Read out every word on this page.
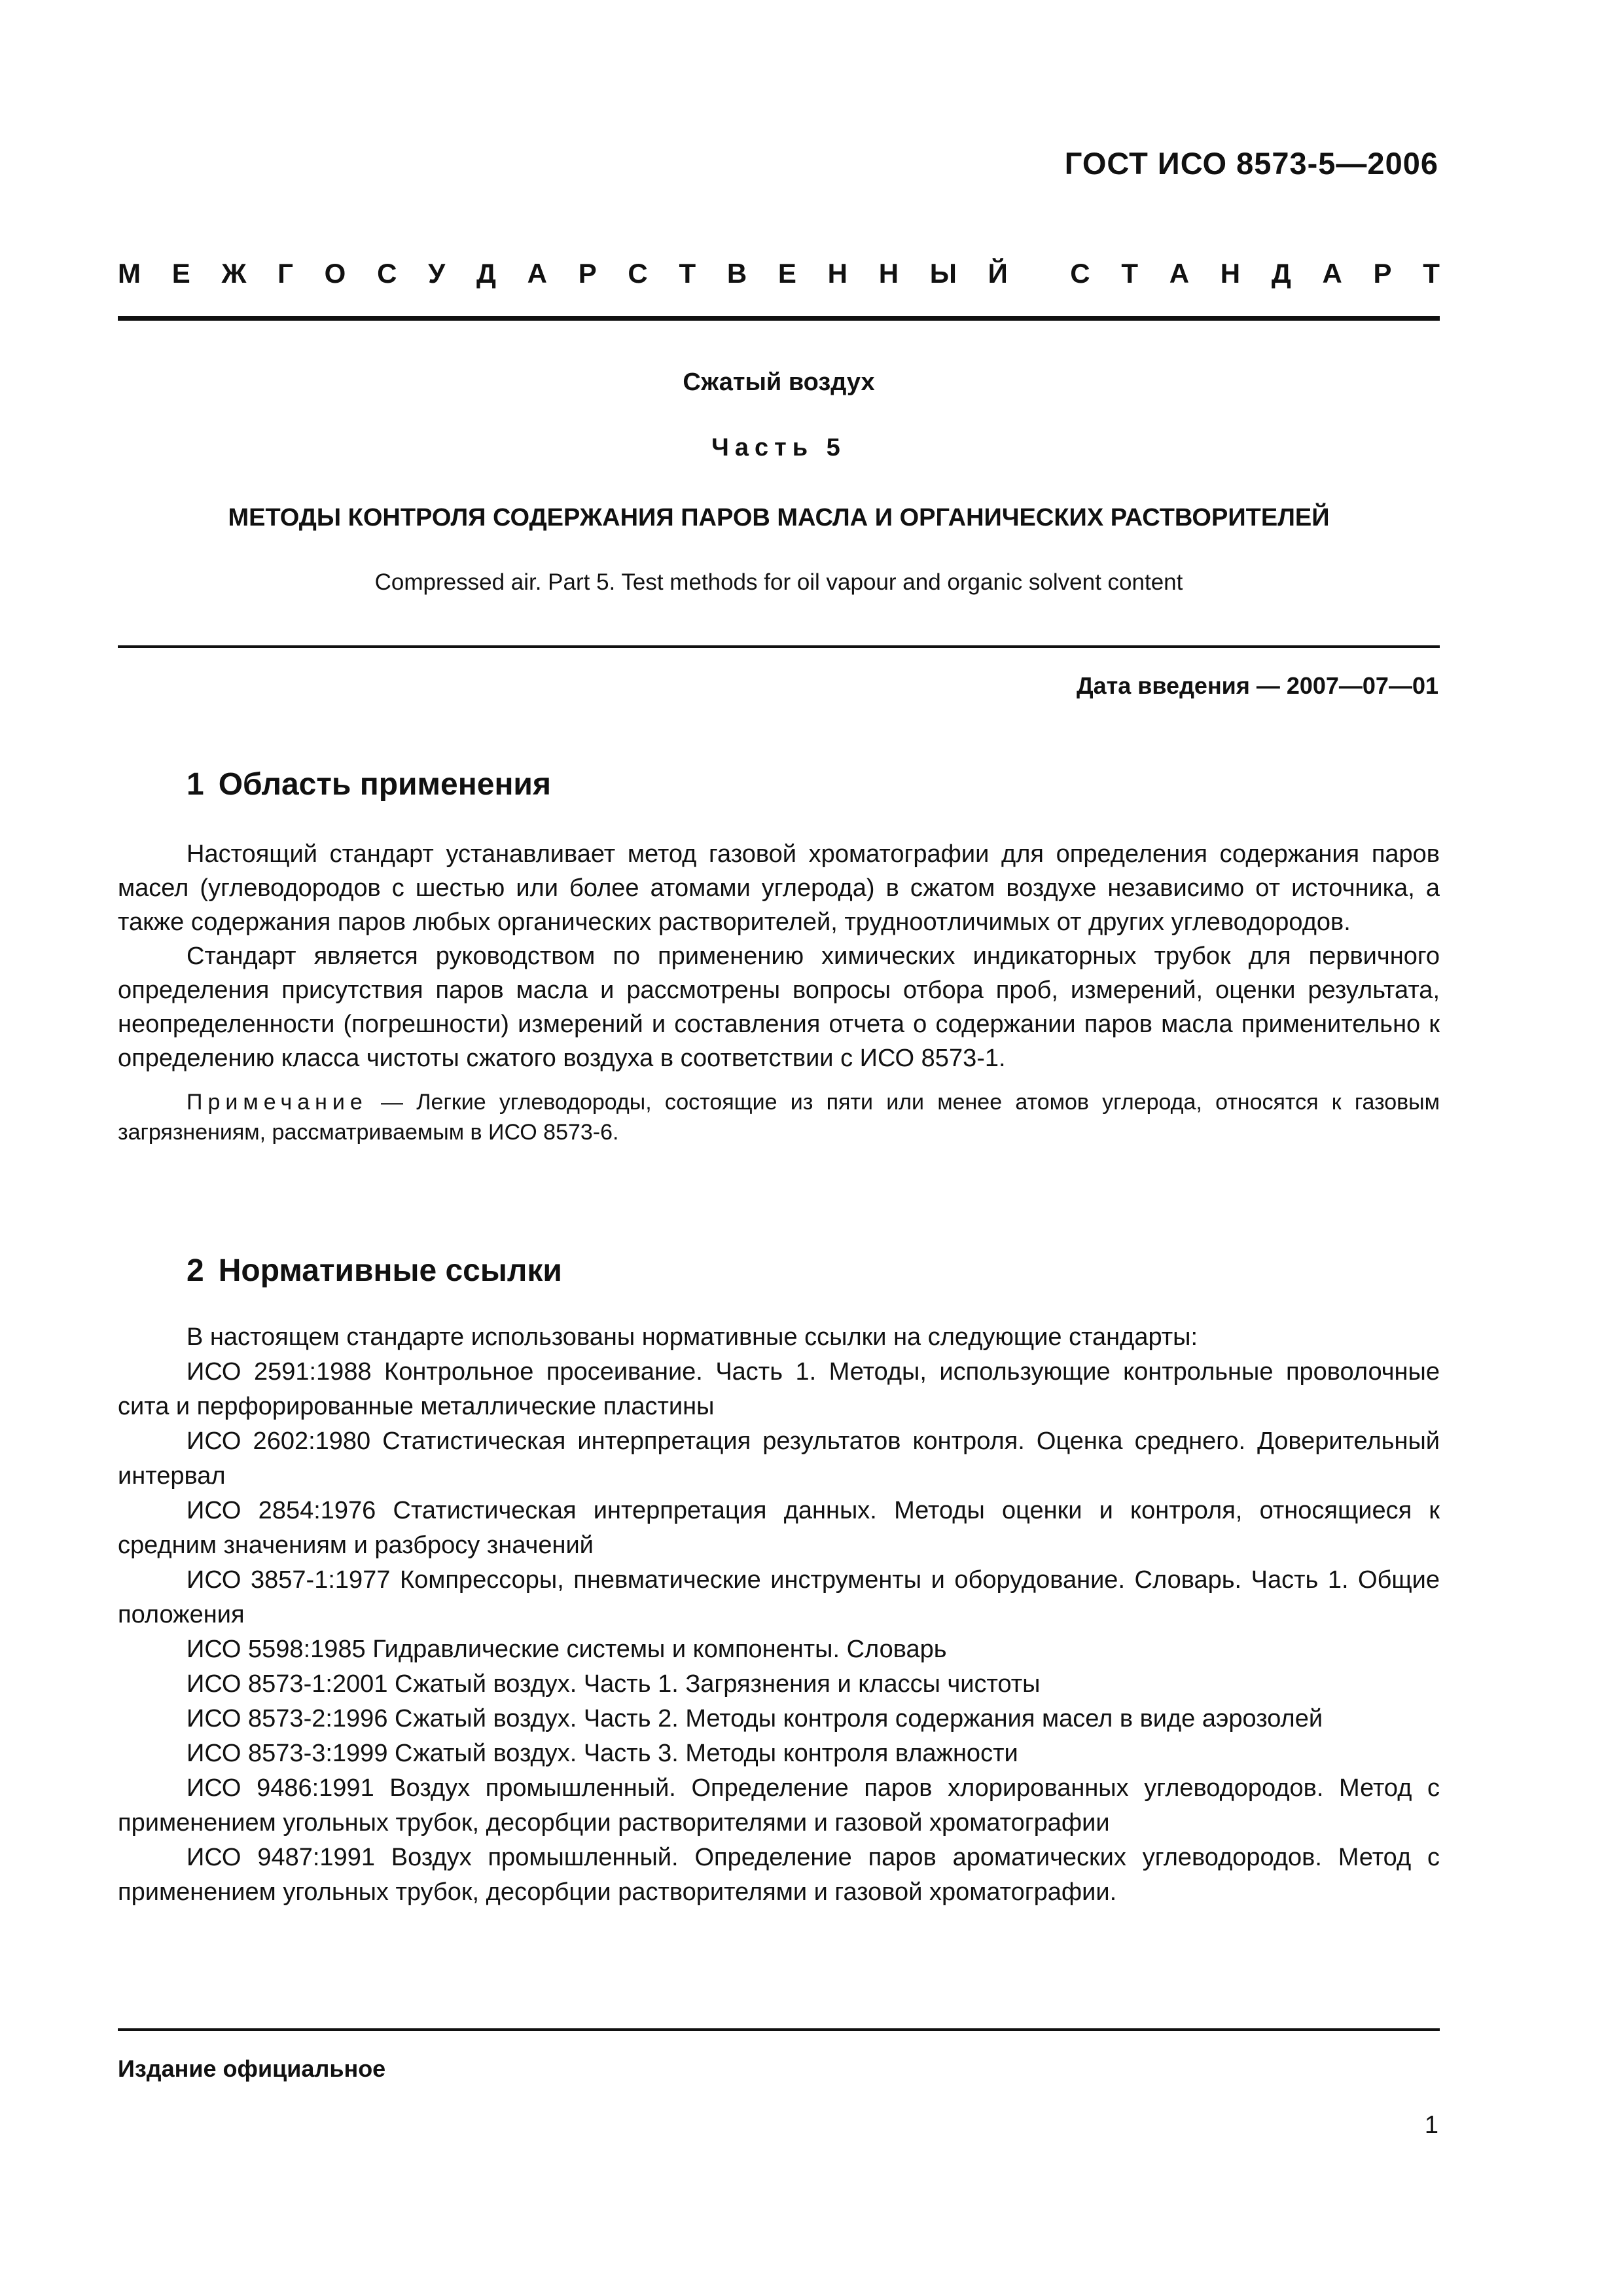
ГОСТ ИСО 8573-5—2006
М Е Ж Г О С У Д А Р С Т В Е Н Н Ы Й С Т А Н Д А Р Т
Сжатый воздух
Часть 5
МЕТОДЫ КОНТРОЛЯ СОДЕРЖАНИЯ ПАРОВ МАСЛА И ОРГАНИЧЕСКИХ РАСТВОРИТЕЛЕЙ
Compressed air. Part 5. Test methods for oil vapour and organic solvent content
Дата введения — 2007—07—01
1 Область применения

Настоящий стандарт устанавливает метод газовой хроматографии для определения содержания паров масел (углеводородов с шестью или более атомами углерода) в сжатом воздухе независимо от источника, а также содержания паров любых органических растворителей, трудноотличимых от других углеводородов.

Стандарт является руководством по применению химических индикаторных трубок для первичного определения присутствия паров масла и рассмотрены вопросы отбора проб, измерений, оценки результата, неопределенности (погрешности) измерений и составления отчета о содержании паров масла применительно к определению класса чистоты сжатого воздуха в соответствии с ИСО 8573-1.

Примечание — Легкие углеводороды, состоящие из пяти или менее атомов углерода, относятся к газовым загрязнениям, рассматриваемым в ИСО 8573-6.

2 Нормативные ссылки

В настоящем стандарте использованы нормативные ссылки на следующие стандарты:

ИСО 2591:1988 Контрольное просеивание. Часть 1. Методы, использующие контрольные проволочные сита и перфорированные металлические пластины

ИСО 2602:1980 Статистическая интерпретация результатов контроля. Оценка среднего. Доверительный интервал

ИСО 2854:1976 Статистическая интерпретация данных. Методы оценки и контроля, относящиеся к средним значениям и разбросу значений

ИСО 3857-1:1977 Компрессоры, пневматические инструменты и оборудование. Словарь. Часть 1. Общие положения

ИСО 5598:1985 Гидравлические системы и компоненты. Словарь

ИСО 8573-1:2001 Сжатый воздух. Часть 1. Загрязнения и классы чистоты

ИСО 8573-2:1996 Сжатый воздух. Часть 2. Методы контроля содержания масел в виде аэрозолей

ИСО 8573-3:1999 Сжатый воздух. Часть 3. Методы контроля влажности

ИСО 9486:1991 Воздух промышленный. Определение паров хлорированных углеводородов. Метод с применением угольных трубок, десорбции растворителями и газовой хроматографии

ИСО 9487:1991 Воздух промышленный. Определение паров ароматических углеводородов. Метод с применением угольных трубок, десорбции растворителями и газовой хроматографии.

Издание официальное
1
